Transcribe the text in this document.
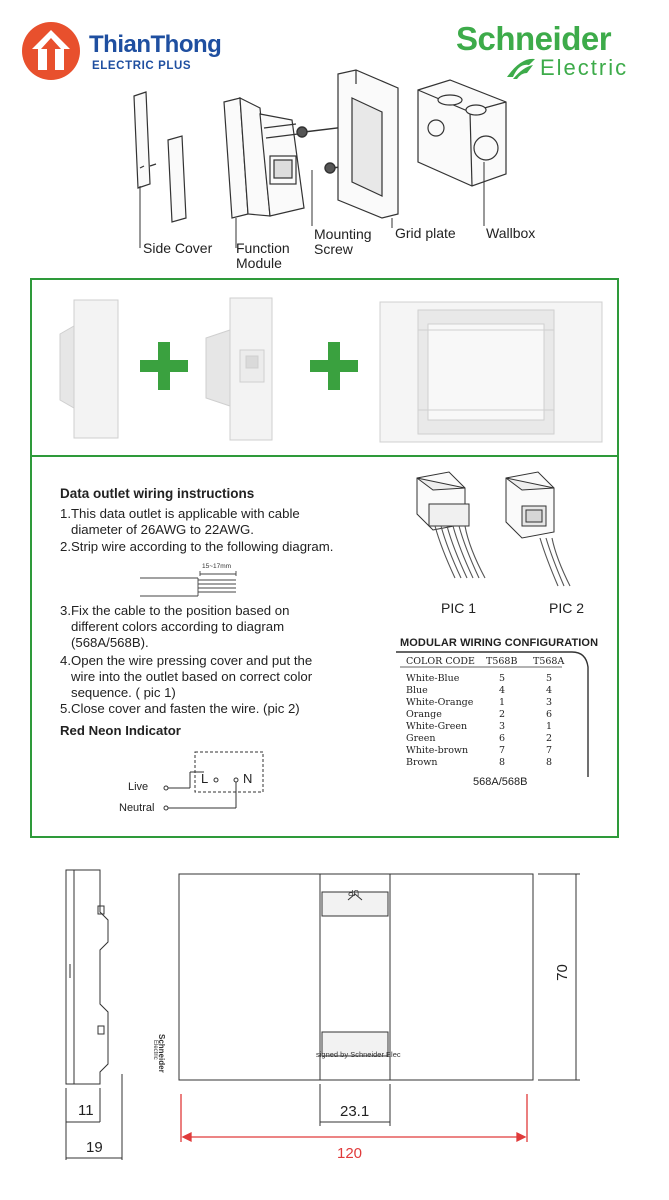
ThianThong
ELECTRIC PLUS
Schneider
Electric
Side Cover Function
Module
Mounting
Screw
Grid plate Wallbox
Data outlet wiring instructions
1.This data outlet is applicable with cable
diameter of 26AWG to 22AWG.
2.Strip wire according to the following diagram.
15~17mm
3.Fix the cable to the position based on
different colors according to diagram
(568A/568B).
4.Open the wire pressing cover and put the
wire into the outlet based on correct color
sequence. ( pic 1)
5.Close cover and fasten the wire. (pic 2)
Red Neon Indicator
Live
Neutral
L	N
PIC 1	PIC 2
MODULAR WIRING CONFIGURATION
COLOR CODE T568B T568A
White-Blue	5	5
Blue	4	4
White-Orange	1	3
Orange	2	6
White-Green	3	1
Green	6	2
White-brown	7	7
Brown	8	8
568A/568B
11
19
UP
Schneider
Electric	signed by Schneider Elec
70
23.1
120
